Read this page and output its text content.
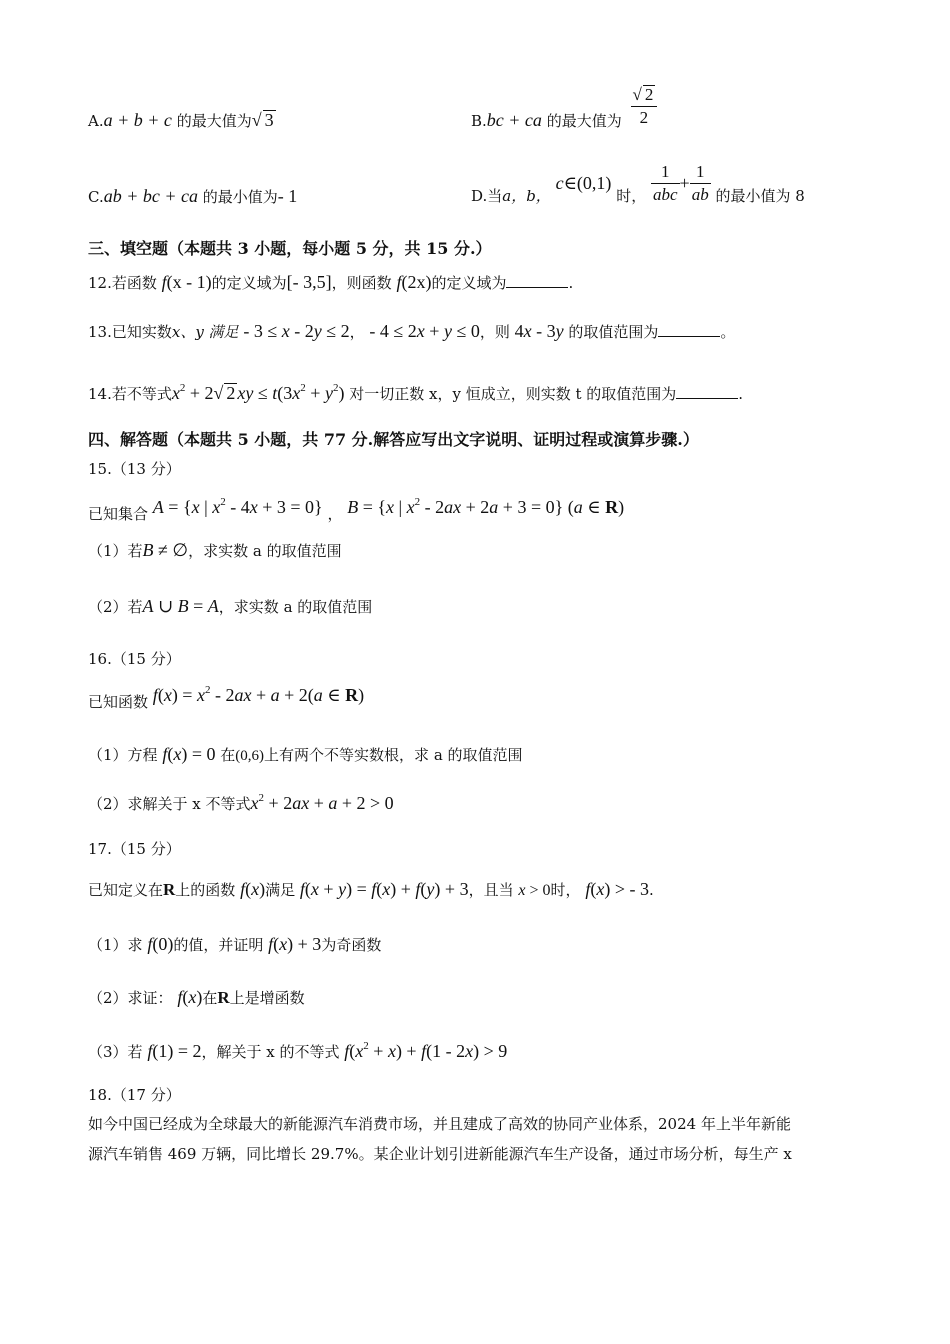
A.a + b + c 的最大值为√ 3	B.bc + ca 的最大值为 $\frac{√ 2}{2}$
C.ab + bc + ca 的最小值为- 1	D.当a，b， c∈(0,1) 时， $\frac{1}{\text{abc}} + \frac{1}{ab}$ 的最小值为 8
三、填空题（本题共 3 小题，每小题 5 分，共 15 分.）
12.若函数 f(x - 1)的定义域为[- 3,5]，则函数 f(2x)的定义域为	.
13.已知实数x、y 满足 - 3 ≤ x - 2y ≤ 2， - 4 ≤ 2x + y ≤ 0，则 4x - 3y 的取值范围为	。
14.若不等式$x^2 + 2√$ 2 xy ≤ $t(3x^2 + y^2)$ 对一切正数 x，y 恒成立，则实数 t 的取值范围为	.
四、解答题（本题共 5 小题，共 77 分.解答应写出文字说明、证明过程或演算步骤.）
15.（13 分）
已知集合 A = {x | $x^2 - 4x + 3 = 0$} ， B = {x | $x^2 - 2ax + 2a + 3 = 0$} (a ∈ R)
（1）若B ≠ ∅，求实数 a 的取值范围
（2）若A ∪ B = A，求实数 a 的取值范围
16.（15 分）
已知函数 $f(x) = x^2 - 2ax + a + 2(a$ ∈ R)
（1）方程 f(x) = 0 在(0,6)上有两个不等实数根，求 a 的取值范围
（2）求解关于 x 不等式$x^2 + 2ax + a + 2 > 0$
17.（15 分）
已知定义在R上的函数 f(x)满足 f(x + y) = f(x) + f(y) + 3，且当 x > 0时， f(x) > - 3.
（1）求 f(0)的值，并证明 f(x) + 3为奇函数
（2）求证： f(x)在R上是增函数
（3）若 f(1) = 2，解关于 x 的不等式 $f(x^2 + x) + f(1 - 2x) > 9$
18.（17 分）
如今中国已经成为全球最大的新能源汽车消费市场，并且建成了高效的协同产业体系，2024 年上半年新能
源汽车销售 469 万辆，同比增长 29.7%。某企业计划引进新能源汽车生产设备，通过市场分析，每生产 x
